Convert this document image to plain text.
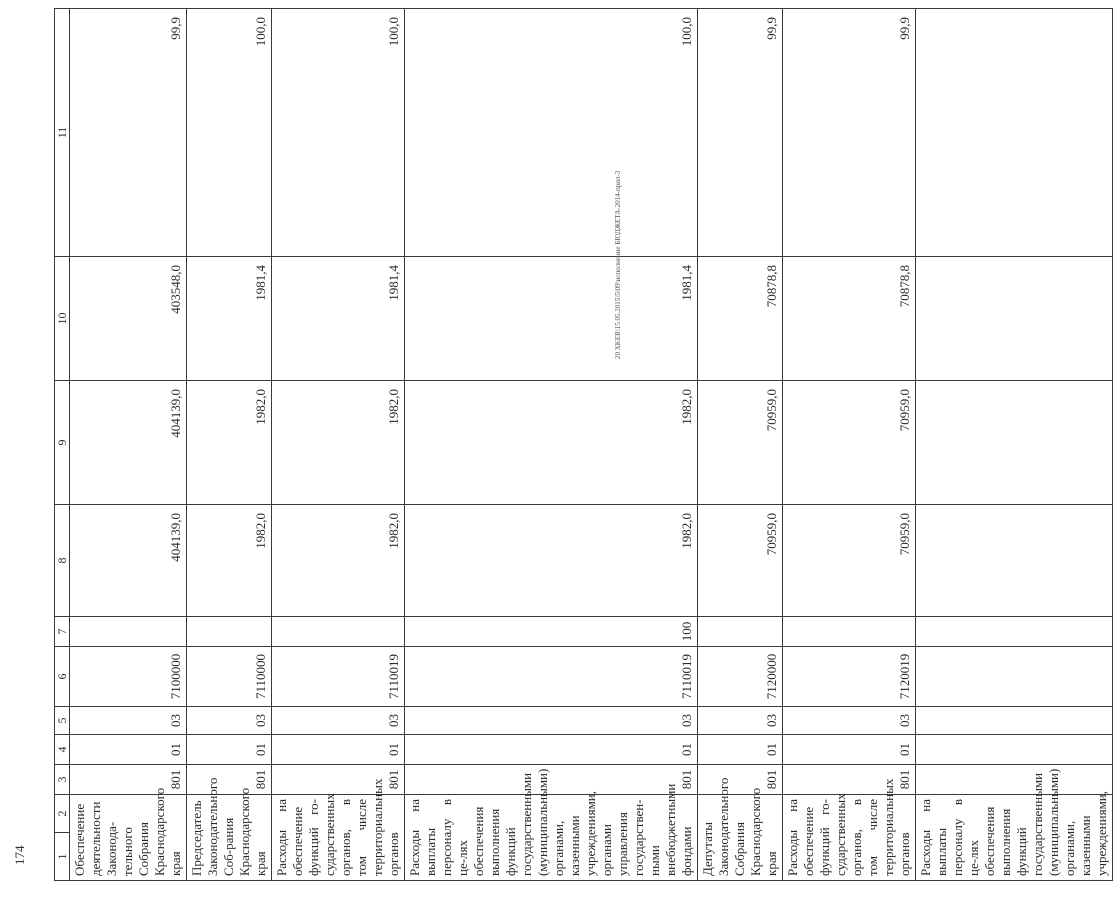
1	2	3	4	5	6	7	8	9	10	11
Обеспечение деятельности Законода-тельного Собрания Краснодарского края		801	01	03	7100000		404139,0	404139,0	403548,0	99,9
Председатель Законодательного Соб-рания Краснодарского края		801	01	03	7110000		1982,0	1982,0	1981,4	100,0
Расходы на обеспечение функций го-сударственных органов, в том числе территориальных органов		801	01	03	7110019		1982,0	1982,0	1981,4	100,0
Расходы на выплаты персоналу в це-лях обеспечения выполнения функций государственными (муниципальными) органами, казенными учреждениями, органами управления государствен-ными внебюджетными фондами		801	01	03	7110019	100	1982,0	1982,0	1981,4	100,0
Депутаты Законодательного Собрания Краснодарского края		801	01	03	7120000		70959,0	70959,0	70878,8	99,9
Расходы на обеспечение функций го-сударственных органов, в том числе территориальных органов		801	01	03	7120019		70959,0	70959,0	70878,8	99,9
Расходы на выплаты персоналу в це-лях обеспечения выполнения функций государственными (муниципальными) органами, казенными учреждениями,										
20 XKER\15.05.2015\5\09\исполнение БЮДЖЕТА-2014-прил-3
174
